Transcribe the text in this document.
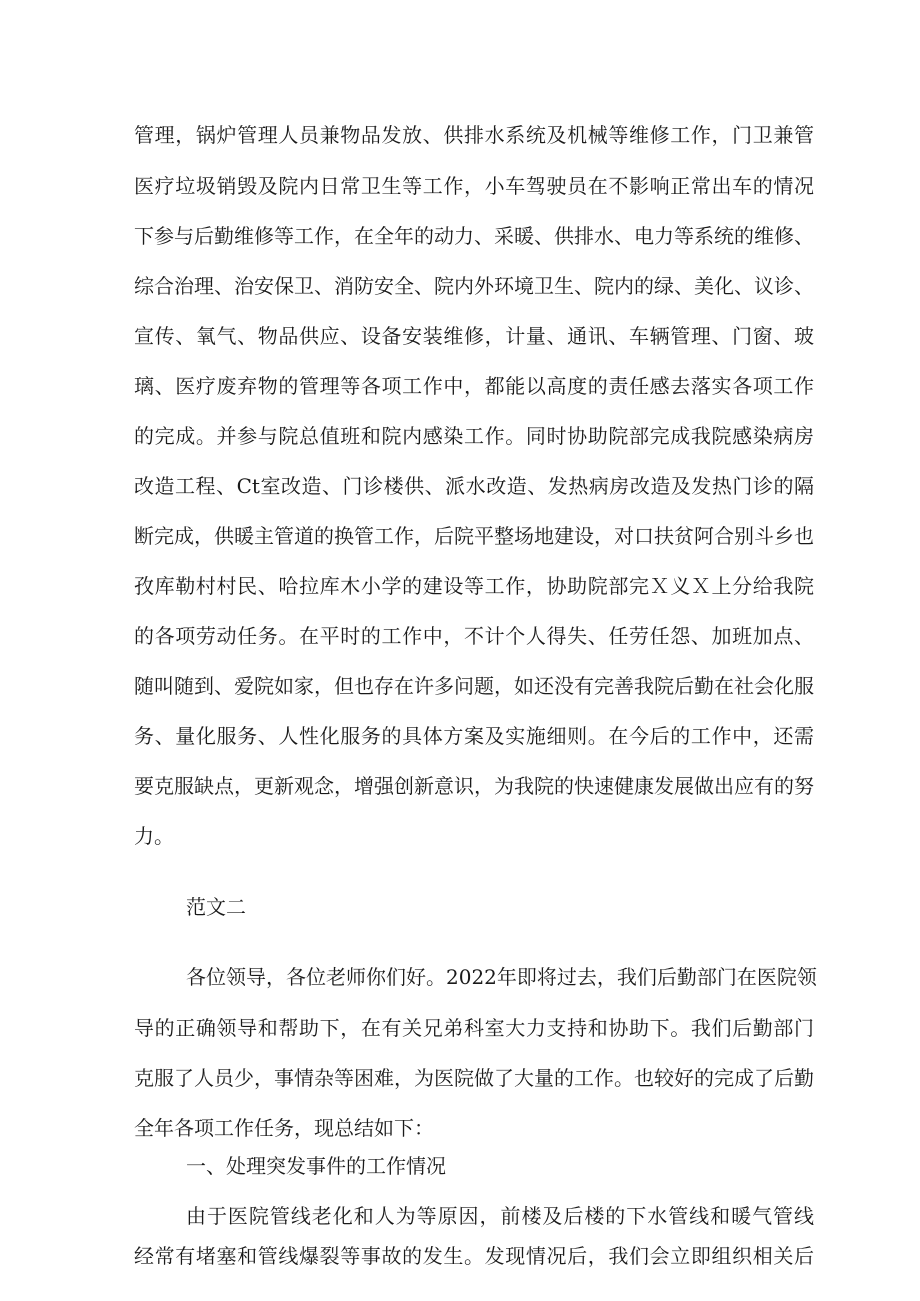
管理，锅炉管理人员兼物品发放、供排水系统及机械等维修工作，门卫兼管
医疗垃圾销毁及院内日常卫生等工作，小车驾驶员在不影响正常出车的情况
下参与后勤维修等工作，在全年的动力、采暖、供排水、电力等系统的维修、
综合治理、治安保卫、消防安全、院内外环境卫生、院内的绿、美化、议诊、
宣传、氧气、物品供应、设备安装维修，计量、通讯、车辆管理、门窗、玻
璃、医疗废弃物的管理等各项工作中，都能以高度的责任感去落实各项工作
的完成。并参与院总值班和院内感染工作。同时协助院部完成我院感染病房
改造工程、Ct室改造、门诊楼供、派水改造、发热病房改造及发热门诊的隔
断完成，供暖主管道的换管工作，后院平整场地建设，对口扶贫阿合别斗乡也
孜库勒村村民、哈拉库木小学的建设等工作，协助院部完Ｘ义Ｘ上分给我院
的各项劳动任务。在平时的工作中，不计个人得失、任劳任怨、加班加点、
随叫随到、爱院如家，但也存在许多问题，如还没有完善我院后勤在社会化服
务、量化服务、人性化服务的具体方案及实施细则。在今后的工作中，还需
要克服缺点，更新观念，增强创新意识，为我院的快速健康发展做出应有的努
力。
范文二
各位领导，各位老师你们好。2022年即将过去，我们后勤部门在医院领
导的正确领导和帮助下，在有关兄弟科室大力支持和协助下。我们后勤部门
克服了人员少，事情杂等困难，为医院做了大量的工作。也较好的完成了后勤
全年各项工作任务，现总结如下：
一、处理突发事件的工作情况
由于医院管线老化和人为等原因，前楼及后楼的下水管线和暖气管线
经常有堵塞和管线爆裂等事故的发生。发现情况后，我们会立即组织相关后
